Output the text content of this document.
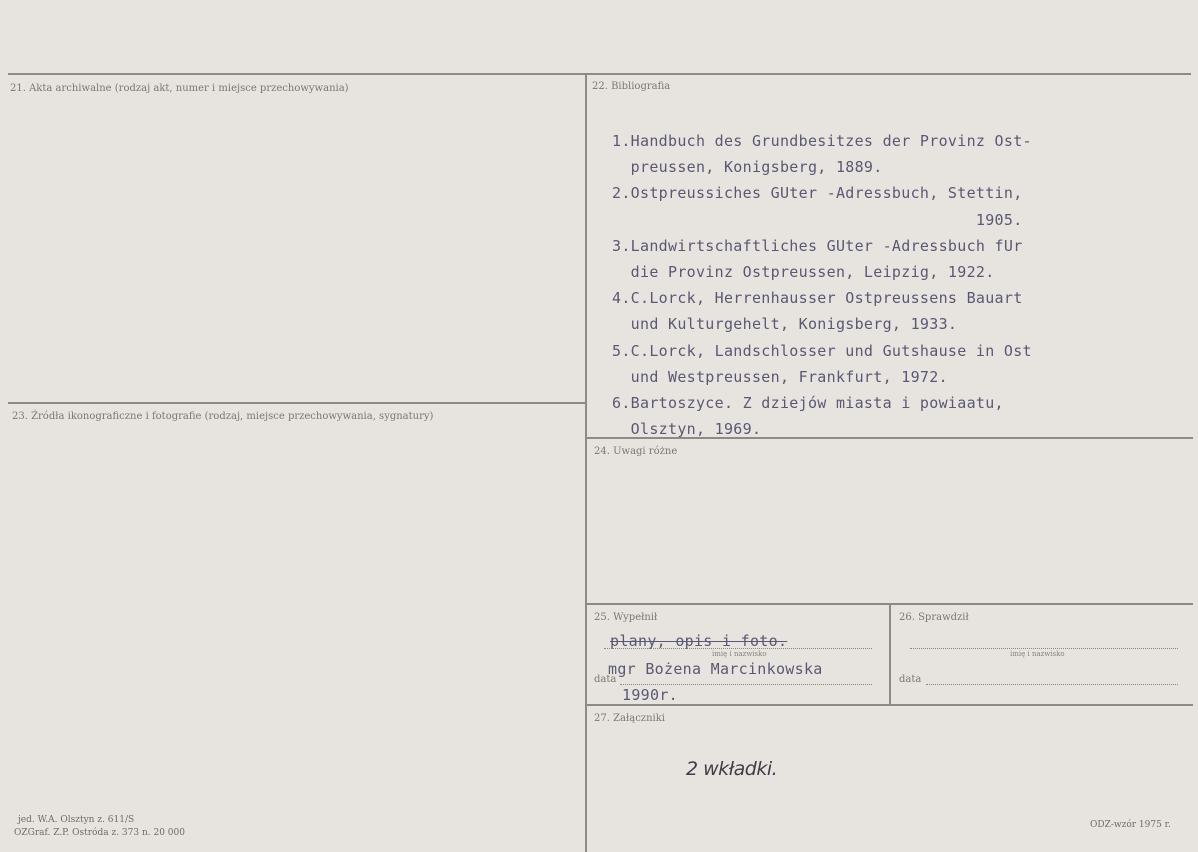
21. Akta archiwalne (rodzaj akt, numer i miejsce przechowywania)	22. Bibliografia
23. Źródła ikonograficzne i fotografie (rodzaj, miejsce przechowywania, sygnatury)
24. Uwagi różne
25. Wypełnił	26. Sprawdził
27. Załączniki
1.Handbuch des Grundbesitzes der Provinz Ost-
preussen, Konigsberg, 1889.
2.Ostpreussiches GUter -Adressbuch, Stettin,
1905.
3.Landwirtschaftliches GUter -Adressbuch fUr
die Provinz Ostpreussen, Leipzig, 1922.
4.C.Lorck, Herrenhausser Ostpreussens Bauart
und Kulturgehelt, Konigsberg, 1933.
5.C.Lorck, Landschlosser und Gutshause in Ost
und Westpreussen, Frankfurt, 1972.
6.Bartoszyce. Z dziejów miasta i powiaatu,
Olsztyn, 1969.
plany, opis i foto.
imię i nazwisko
mgr Bożena Marcinkowska
data
1990r.
imię i nazwisko
data
2 wkładki.
jed. W.A. Olsztyn z. 611/S
OZGraf. Z.P. Ostróda z. 373 n. 20 000
ODZ-wzór 1975 r.
